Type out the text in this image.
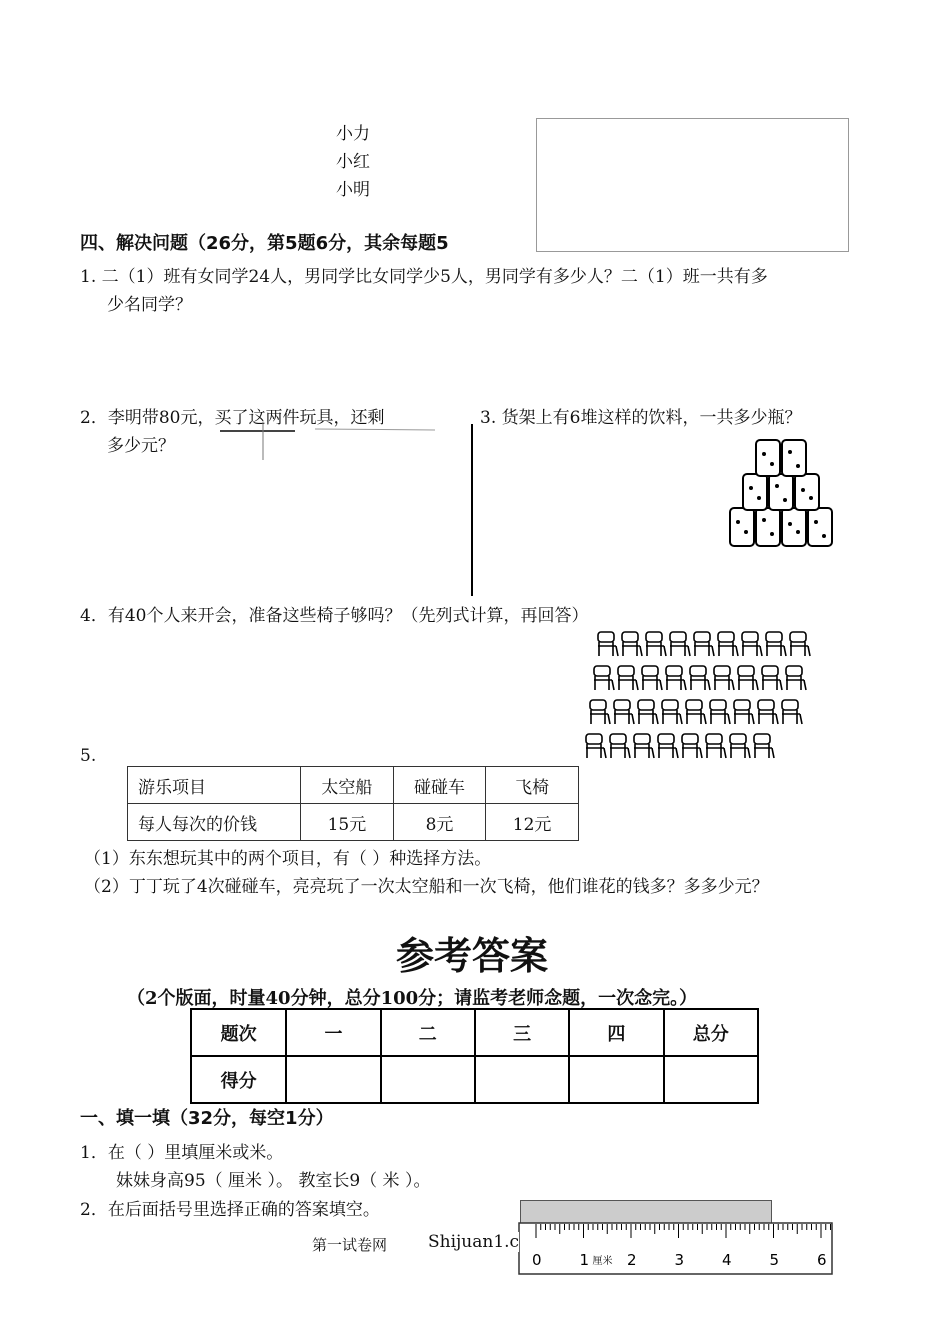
小力
小红
小明
四、解决问题（26分，第5题6分，其余每题5
1. 二（1）班有女同学24人，男同学比女同学少5人，男同学有多少人？二（1）班一共有多
少名同学？
2．李明带80元，买了这两件玩具，还剩
多少元？
3. 货架上有6堆这样的饮料，一共多少瓶？
4．有40个人来开会，准备这些椅子够吗？（先列式计算，再回答）
5.
游乐项目	太空船	碰碰车	飞椅
每人每次的价钱	15元	8元	12元
（1）东东想玩其中的两个项目，有（ ）种选择方法。
（2）丁丁玩了4次碰碰车，亮亮玩了一次太空船和一次飞椅，他们谁花的钱多？多多少元？
参考答案
（2个版面，时量40分钟，总分100分；请监考老师念题，一次念完。）
题次	一	二	三	四	总分
得分					
一、填一填（32分，每空1分）
1．在（ ）里填厘米或米。
妹妹身高95（ 厘米 ）。 教室长9（ 米 ）。
2．在后面括号里选择正确的答案填空。
0	1	2	3	4	5	6
厘米
第一试卷网 Shijuan1.c
